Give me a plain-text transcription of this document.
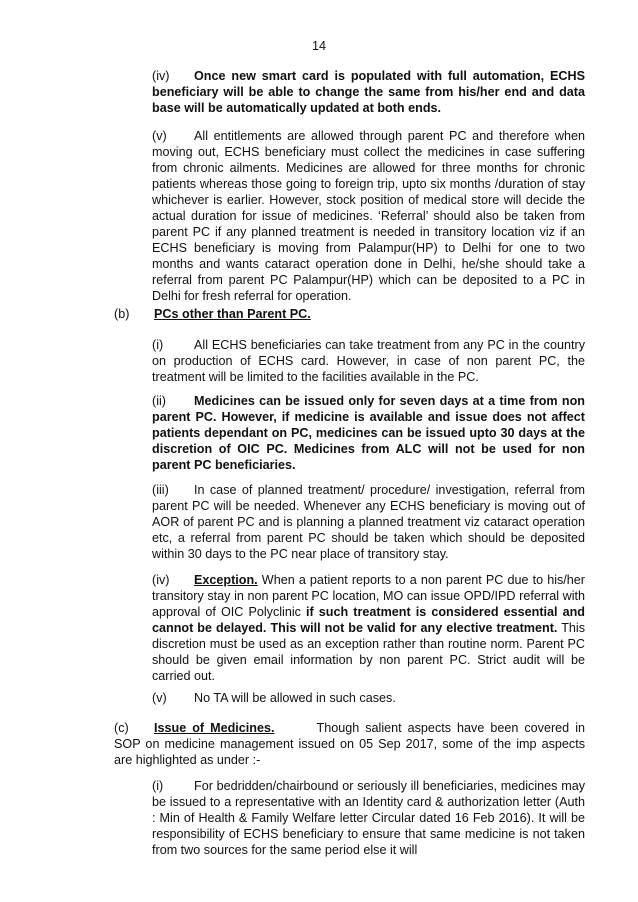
14
(iv) Once new smart card is populated with full automation, ECHS beneficiary will be able to change the same from his/her end and data base will be automatically updated at both ends.
(v) All entitlements are allowed through parent PC and therefore when moving out, ECHS beneficiary must collect the medicines in case suffering from chronic ailments. Medicines are allowed for three months for chronic patients whereas those going to foreign trip, upto six months /duration of stay whichever is earlier. However, stock position of medical store will decide the actual duration for issue of medicines. ‘Referral’ should also be taken from parent PC if any planned treatment is needed in transitory location viz if an ECHS beneficiary is moving from Palampur(HP) to Delhi for one to two months and wants cataract operation done in Delhi, he/she should take a referral from parent PC Palampur(HP) which can be deposited to a PC in Delhi for fresh referral for operation.
(b) PCs other than Parent PC.
(i) All ECHS beneficiaries can take treatment from any PC in the country on production of ECHS card. However, in case of non parent PC, the treatment will be limited to the facilities available in the PC.
(ii) Medicines can be issued only for seven days at a time from non parent PC. However, if medicine is available and issue does not affect patients dependant on PC, medicines can be issued upto 30 days at the discretion of OIC PC. Medicines from ALC will not be used for non parent PC beneficiaries.
(iii) In case of planned treatment/ procedure/ investigation, referral from parent PC will be needed. Whenever any ECHS beneficiary is moving out of AOR of parent PC and is planning a planned treatment viz cataract operation etc, a referral from parent PC should be taken which should be deposited within 30 days to the PC near place of transitory stay.
(iv) Exception. When a patient reports to a non parent PC due to his/her transitory stay in non parent PC location, MO can issue OPD/IPD referral with approval of OIC Polyclinic if such treatment is considered essential and cannot be delayed. This will not be valid for any elective treatment. This discretion must be used as an exception rather than routine norm. Parent PC should be given email information by non parent PC. Strict audit will be carried out.
(v) No TA will be allowed in such cases.
(c) Issue of Medicines.	Though salient aspects have been covered in SOP on medicine management issued on 05 Sep 2017, some of the imp aspects are highlighted as under :-
(i) For bedridden/chairbound or seriously ill beneficiaries, medicines may be issued to a representative with an Identity card & authorization letter (Auth : Min of Health & Family Welfare letter Circular dated 16 Feb 2016). It will be responsibility of ECHS beneficiary to ensure that same medicine is not taken from two sources for the same period else it will
